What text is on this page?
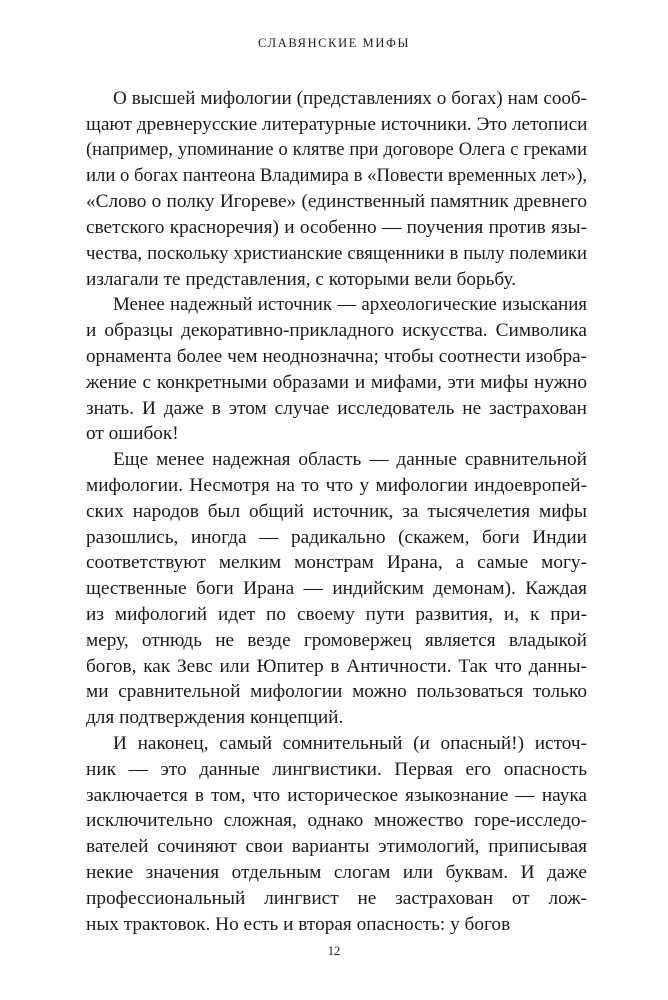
СЛАВЯНСКИЕ МИФЫ
О высшей мифологии (представлениях о богах) нам сооб-
щают древнерусские литературные источники. Это летописи
(например, упоминание о клятве при договоре Олега с греками
или о богах пантеона Владимира в «Повести временных лет»),
«Слово о полку Игореве» (единственный памятник древнего
светского красноречия) и особенно — поучения против язы-
чества, поскольку христианские священники в пылу полемики
излагали те представления, с которыми вели борьбу.
Менее надежный источник — археологические изыскания
и образцы декоративно-прикладного искусства. Символика
орнамента более чем неоднозначна; чтобы соотнести изобра-
жение с конкретными образами и мифами, эти мифы нужно
знать. И даже в этом случае исследователь не застрахован
от ошибок!
Еще менее надежная область — данные сравнительной
мифологии. Несмотря на то что у мифологии индоевропей-
ских народов был общий источник, за тысячелетия мифы
разошлись, иногда — радикально (скажем, боги Индии
соответствуют мелким монстрам Ирана, а самые могу-
щественные боги Ирана — индийским демонам). Каждая
из мифологий идет по своему пути развития, и, к при-
меру, отнюдь не везде громовержец является владыкой
богов, как Зевс или Юпитер в Античности. Так что данны-
ми сравнительной мифологии можно пользоваться только
для подтверждения концепций.
И наконец, самый сомнительный (и опасный!) источ-
ник — это данные лингвистики. Первая его опасность
заключается в том, что историческое языкознание — наука
исключительно сложная, однако множество горе-исследо-
вателей сочиняют свои варианты этимологий, приписывая
некие значения отдельным слогам или буквам. И даже
профессиональный лингвист не застрахован от лож-
ных трактовок. Но есть и вторая опасность: у богов
12
